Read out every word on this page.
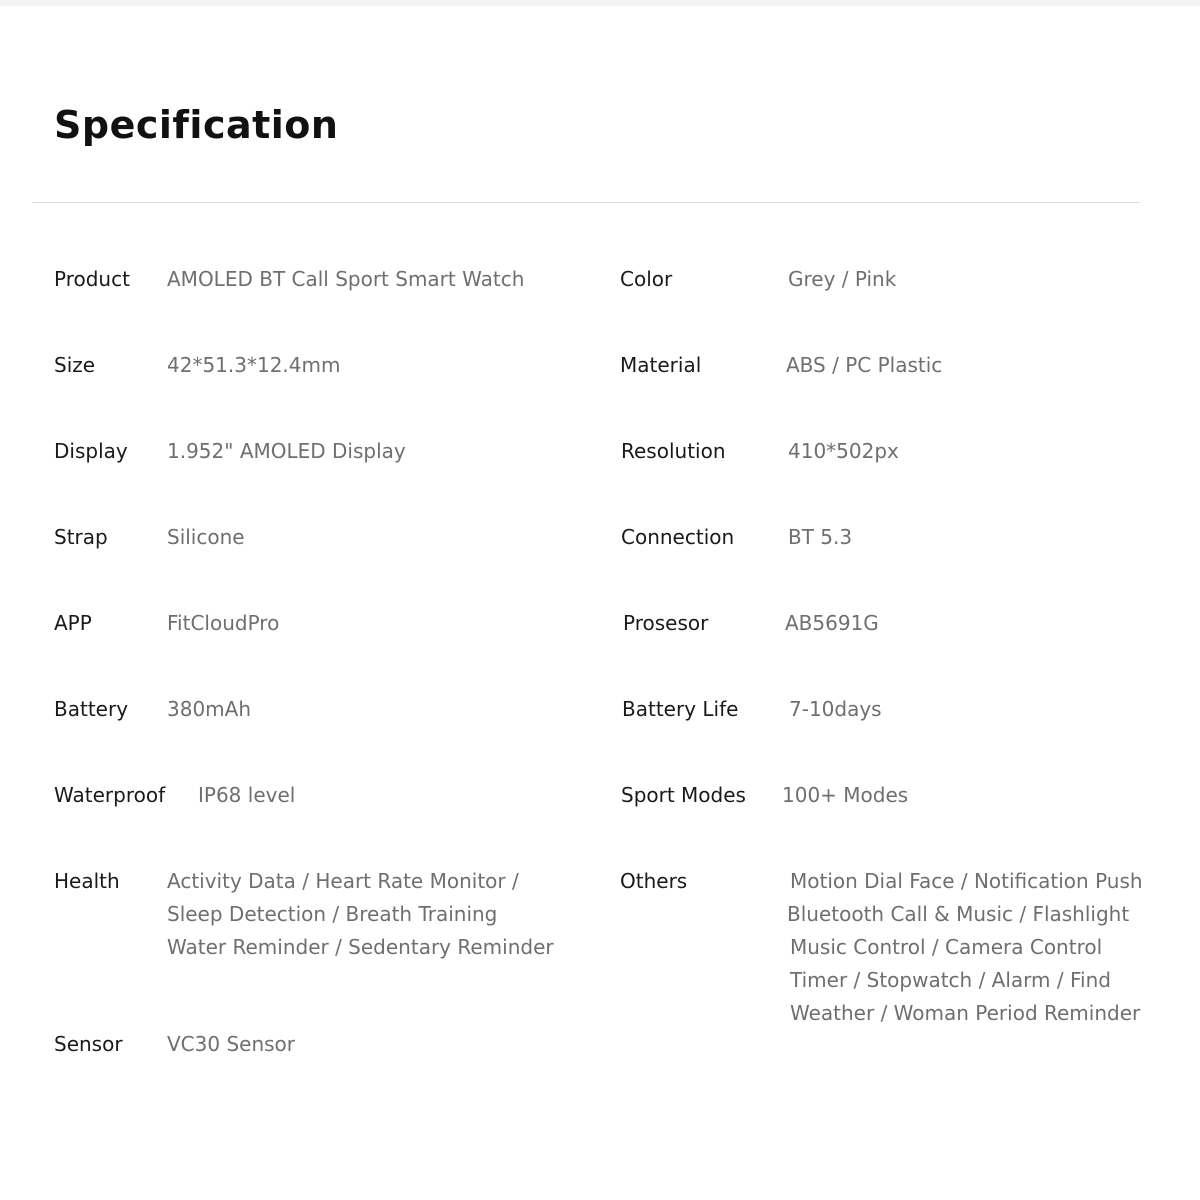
Specification
Product AMOLED BT Call Sport Smart Watch
Size	42*51.3*12.4mm
Display 1.952" AMOLED Display
Strap	Silicone
APP	FitCloudPro
Battery 380mAh
Waterproof IP68 level
Health Activity Data / Heart Rate Monitor /
Sleep Detection / Breath Training
Water Reminder / Sedentary Reminder
Sensor VC30 Sensor
Color	Grey / Pink
Material	ABS / PC Plastic
Resolution	410*502px
Connection	BT 5.3
Prosesor	AB5691G
Battery Life	7-10days
Sport Modes 100+ Modes
Others	Motion Dial Face / Notification Push
Bluetooth Call & Music / Flashlight
Music Control / Camera Control
Timer / Stopwatch / Alarm / Find
Weather / Woman Period Reminder
